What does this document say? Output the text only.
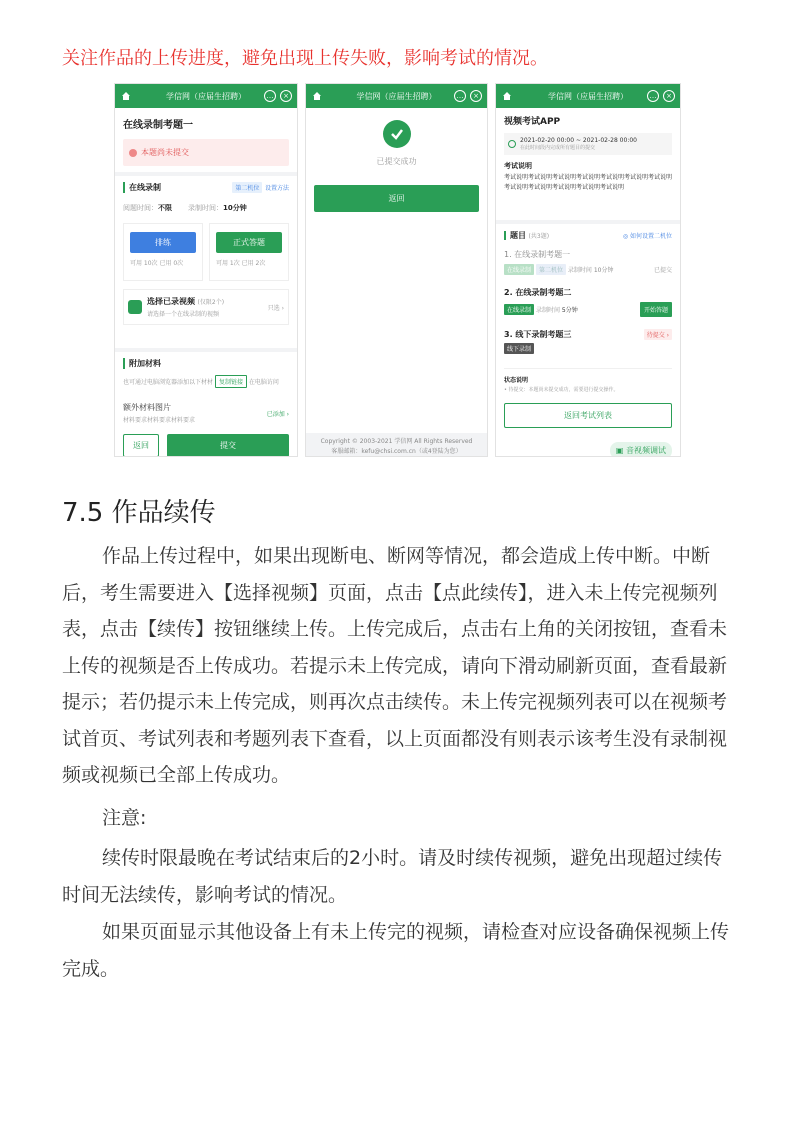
关注作品的上传进度，避免出现上传失败，影响考试的情况。
学信网（应届生招聘）	…	×
在线录制考题一
本题尚未提交
在线录制	第二机位 设置方法
阅题时间： 不限 录制时间： 10分钟
排练
可用 10次 已用 0次
正式答题
可用 1次 已用 2次
选择已录视频 (仅限2个)
请选择一个在线录制的视频
只选 ›
附加材料
也可通过电脑浏览器添加以下材材 复制链接 在电脑访问
额外材料图片
材料要求材料要求材料要求
已添加 ›
返回	提交
学信网（应届生招聘）	…	×
已提交成功
返回
Copyright © 2003-2021 学信网 All Rights Reserved
客服邮箱：kefu@chsi.com.cn（或4登陆为您）
学信网（应届生招聘）	…	×
视频考试APP
2021-02-20 00:00 ~ 2021-02-28 00:00
在此时间段内完成所有题目的提交
考试说明
考试说明考试说明考试说明考试说明考试说明考试说明考试说明考试说明考试说明考试说明考试说明考试说明
题目 (共3题)	◎ 如何设置二机位
1. 在线录制考题一
在线录制 第二机位 录制时间 10分钟	已提交
2. 在线录制考题二
在线录制 录制时间 5分钟	开始答题
3. 线下录制考题三	待提交 ›
线下录制
状态说明
• 待提交：本题尚未提交成功，需要进行提交操作。
返回考试列表
▣ 音视频调试
7.5 作品续传
作品上传过程中，如果出现断电、断网等情况，都会造成上传中断。中断后，考生需要进入【选择视频】页面，点击【点此续传】，进入未上传完视频列表，点击【续传】按钮继续上传。上传完成后，点击右上角的关闭按钮，查看未上传的视频是否上传成功。若提示未上传完成，请向下滑动刷新页面，查看最新提示；若仍提示未上传完成，则再次点击续传。未上传完视频列表可以在视频考试首页、考试列表和考题列表下查看，以上页面都没有则表示该考生没有录制视频或视频已全部上传成功。
注意:
续传时限最晚在考试结束后的2小时。请及时续传视频，避免出现超过续传时间无法续传，影响考试的情况。
如果页面显示其他设备上有未上传完的视频，请检查对应设备确保视频上传完成。
